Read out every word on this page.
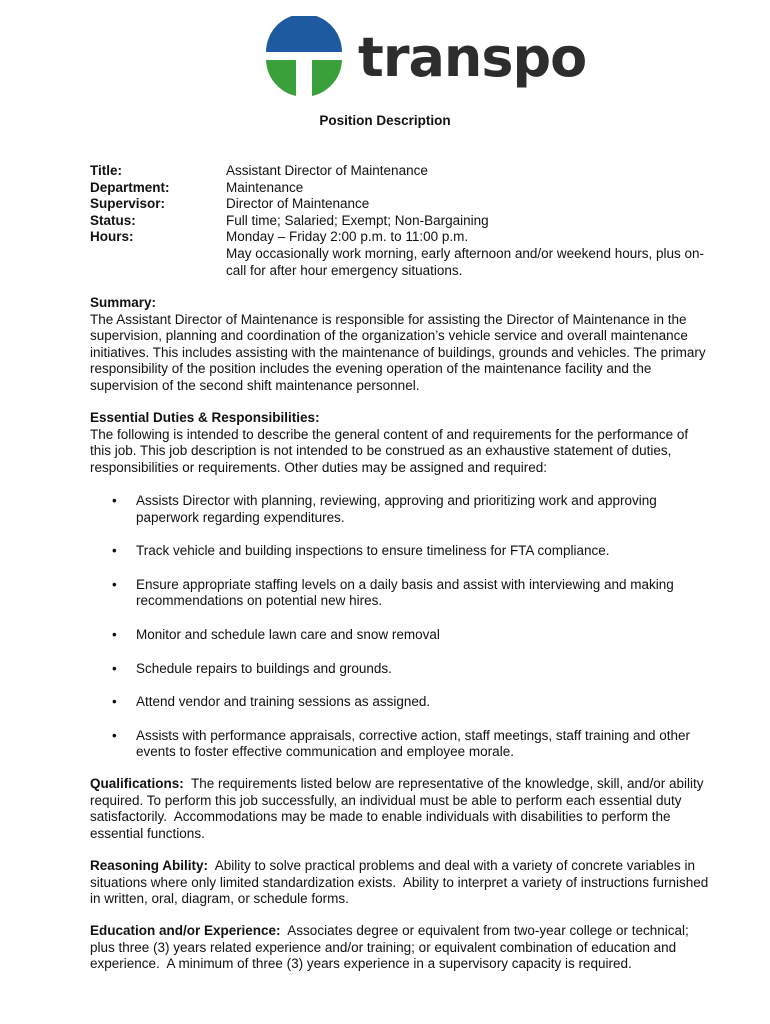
transpo
Position Description
Title:	Assistant Director of Maintenance
Department:	Maintenance
Supervisor:	Director of Maintenance
Status:	Full time; Salaried; Exempt; Non-Bargaining
Hours:	Monday – Friday 2:00 p.m. to 11:00 p.m.
May occasionally work morning, early afternoon and/or weekend hours, plus on-call for after hour emergency situations.
Summary:
The Assistant Director of Maintenance is responsible for assisting the Director of Maintenance in the supervision, planning and coordination of the organization’s vehicle service and overall maintenance initiatives. This includes assisting with the maintenance of buildings, grounds and vehicles. The primary responsibility of the position includes the evening operation of the maintenance facility and the supervision of the second shift maintenance personnel.
Essential Duties & Responsibilities:
The following is intended to describe the general content of and requirements for the performance of this job. This job description is not intended to be construed as an exhaustive statement of duties, responsibilities or requirements. Other duties may be assigned and required:
•	Assists Director with planning, reviewing, approving and prioritizing work and approving paperwork regarding expenditures.
•	Track vehicle and building inspections to ensure timeliness for FTA compliance.
•	Ensure appropriate staffing levels on a daily basis and assist with interviewing and making recommendations on potential new hires.
•	Monitor and schedule lawn care and snow removal
•	Schedule repairs to buildings and grounds.
•	Attend vendor and training sessions as assigned.
•	Assists with performance appraisals, corrective action, staff meetings, staff training and other events to foster effective communication and employee morale.
Qualifications:  The requirements listed below are representative of the knowledge, skill, and/or ability required. To perform this job successfully, an individual must be able to perform each essential duty satisfactorily.  Accommodations may be made to enable individuals with disabilities to perform the essential functions.
Reasoning Ability:  Ability to solve practical problems and deal with a variety of concrete variables in situations where only limited standardization exists.  Ability to interpret a variety of instructions furnished in written, oral, diagram, or schedule forms.
Education and/or Experience:  Associates degree or equivalent from two-year college or technical; plus three (3) years related experience and/or training; or equivalent combination of education and experience.  A minimum of three (3) years experience in a supervisory capacity is required.
